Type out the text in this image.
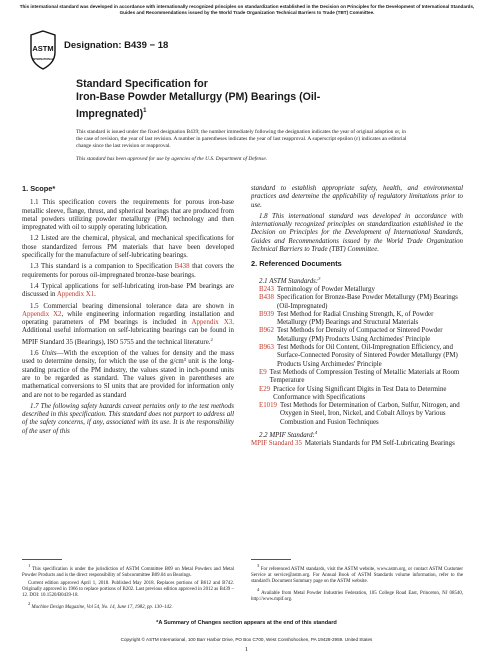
This international standard was developed in accordance with internationally recognized principles on standardization established in the Decision on Principles for the Development of International Standards, Guides and Recommendations issued by the World Trade Organization Technical Barriers to Trade (TBT) Committee.
ASTM
INTERNATIONAL
Designation: B439 − 18
Standard Specification for
Iron-Base Powder Metallurgy (PM) Bearings (Oil-
Impregnated)$^1$

This standard is issued under the fixed designation B439; the number immediately following the designation indicates the year of original adoption or, in the case of revision, the year of last revision. A number in parentheses indicates the year of last reapproval. A superscript epsilon (ε) indicates an editorial change since the last revision or reapproval.

This standard has been approved for use by agencies of the U.S. Department of Defense.

1. Scope*

1.1 This specification covers the requirements for porous iron-base metallic sleeve, flange, thrust, and spherical bearings that are produced from metal powders utilizing powder metallurgy (PM) technology and then impregnated with oil to supply operating lubrication.

1.2 Listed are the chemical, physical, and mechanical specifications for those standardized ferrous PM materials that have been developed specifically for the manufacture of self-lubricating bearings.

1.3 This standard is a companion to Specification B438 that covers the requirements for porous oil-impregnated bronze-base bearings.

1.4 Typical applications for self-lubricating iron-base PM bearings are discussed in Appendix X1.

1.5 Commercial bearing dimensional tolerance data are shown in Appendix X2, while engineering information regarding installation and operating parameters of PM bearings is included in Appendix X3. Additional useful information on self-lubricating bearings can be found in MPIF Standard 35 (Bearings), ISO 5755 and the technical literature.$^2$

1.6 Units—With the exception of the values for density and the mass used to determine density, for which the use of the g/cm³ unit is the long-standing practice of the PM industry, the values stated in inch-pound units are to be regarded as standard. The values given in parentheses are mathematical conversions to SI units that are provided for information only and are not to be regarded as standard

1.7 The following safety hazards caveat pertains only to the test methods described in this specification. This standard does not purport to address all of the safety concerns, if any, associated with its use. It is the responsibility of the user of this

standard to establish appropriate safety, health, and environmental practices and determine the applicability of regulatory limitations prior to use.

1.8 This international standard was developed in accordance with internationally recognized principles on standardization established in the Decision on Principles for the Development of International Standards, Guides and Recommendations issued by the World Trade Organization Technical Barriers to Trade (TBT) Committee.

2. Referenced Documents
2.1 ASTM Standards:$^3$
B243 Terminology of Powder Metallurgy
B438 Specification for Bronze-Base Powder Metallurgy (PM) Bearings (Oil-Impregnated)
B939 Test Method for Radial Crushing Strength, K, of Powder Metallurgy (PM) Bearings and Structural Materials
B962 Test Methods for Density of Compacted or Sintered Powder Metallurgy (PM) Products Using Archimedes' Principle
B963 Test Methods for Oil Content, Oil-Impregnation Efficiency, and Surface-Connected Porosity of Sintered Powder Metallurgy (PM) Products Using Archimedes' Principle
E9 Test Methods of Compression Testing of Metallic Materials at Room Temperature
E29 Practice for Using Significant Digits in Test Data to Determine Conformance with Specifications
E1019 Test Methods for Determination of Carbon, Sulfur, Nitrogen, and Oxygen in Steel, Iron, Nickel, and Cobalt Alloys by Various Combustion and Fusion Techniques
2.2 MPIF Standard:$^4$
MPIF Standard 35 Materials Standards for PM Self-Lubricating Bearings

$^1$ This specification is under the jurisdiction of ASTM Committee B09 on Metal Powders and Metal Powder Products and is the direct responsibility of Subcommittee B09.04 on Bearings.

Current edition approved April 1, 2018. Published May 2018. Replaces portions of B612 and B742. Originally approved in 1966 to replace portions of B202. Last previous edition approved in 2012 as B439 – 12. DOI: 10.1520/B0439-18.

$^2$ Machine Design Magazine, Vol 54, No. 14, June 17, 1982, pp. 130–142.

$^3$ For referenced ASTM standards, visit the ASTM website, www.astm.org, or contact ASTM Customer Service at service@astm.org. For Annual Book of ASTM Standards volume information, refer to the standard's Document Summary page on the ASTM website.

$^4$ Available from Metal Powder Industries Federation, 105 College Road East, Princeton, NJ 08540, http://www.mpif.org.

*A Summary of Changes section appears at the end of this standard
Copyright © ASTM International, 100 Barr Harbor Drive, PO Box C700, West Conshohocken, PA 19428-2959. United States
1
